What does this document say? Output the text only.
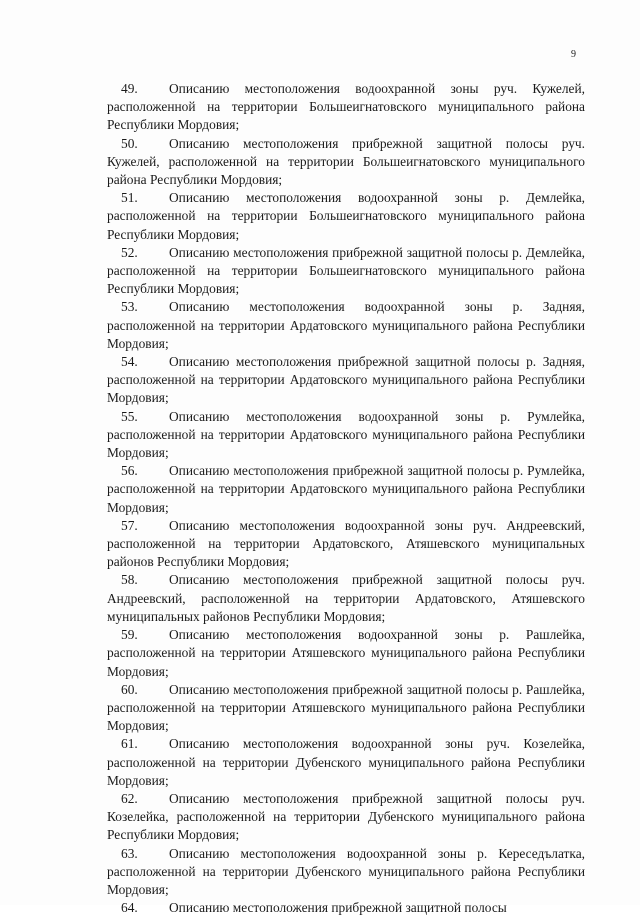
9

49. Описанию местоположения водоохранной зоны руч. Кужелей, расположенной на территории Большеигнатовского муниципального района Республики Мордовия;

50. Описанию местоположения прибрежной защитной полосы руч. Кужелей, расположенной на территории Большеигнатовского муниципального района Республики Мордовия;

51. Описанию местоположения водоохранной зоны р. Демлейка, расположенной на территории Большеигнатовского муниципального района Республики Мордовия;

52. Описанию местоположения прибрежной защитной полосы р. Демлейка, расположенной на территории Большеигнатовского муниципального района Республики Мордовия;

53. Описанию местоположения водоохранной зоны р. Задняя, расположенной на территории Ардатовского муниципального района Республики Мордовия;

54. Описанию местоположения прибрежной защитной полосы р. Задняя, расположенной на территории Ардатовского муниципального района Республики Мордовия;

55. Описанию местоположения водоохранной зоны р. Румлейка, расположенной на территории Ардатовского муниципального района Республики Мордовия;

56. Описанию местоположения прибрежной защитной полосы р. Румлейка, расположенной на территории Ардатовского муниципального района Республики Мордовия;

57. Описанию местоположения водоохранной зоны руч. Андреевский, расположенной на территории Ардатовского, Атяшевского муниципальных районов Республики Мордовия;

58. Описанию местоположения прибрежной защитной полосы руч. Андреевский, расположенной на территории Ардатовского, Атяшевского муниципальных районов Республики Мордовия;

59. Описанию местоположения водоохранной зоны р. Рашлейка, расположенной на территории Атяшевского муниципального района Республики Мордовия;

60. Описанию местоположения прибрежной защитной полосы р. Рашлейка, расположенной на территории Атяшевского муниципального района Республики Мордовия;

61. Описанию местоположения водоохранной зоны руч. Козелейка, расположенной на территории Дубенского муниципального района Республики Мордовия;

62. Описанию местоположения прибрежной защитной полосы руч. Козелейка, расположенной на территории Дубенского муниципального района Республики Мордовия;

63. Описанию местоположения водоохранной зоны р. Кереседълатка, расположенной на территории Дубенского муниципального района Республики Мордовия;

64. Описанию местоположения прибрежной защитной полосы
